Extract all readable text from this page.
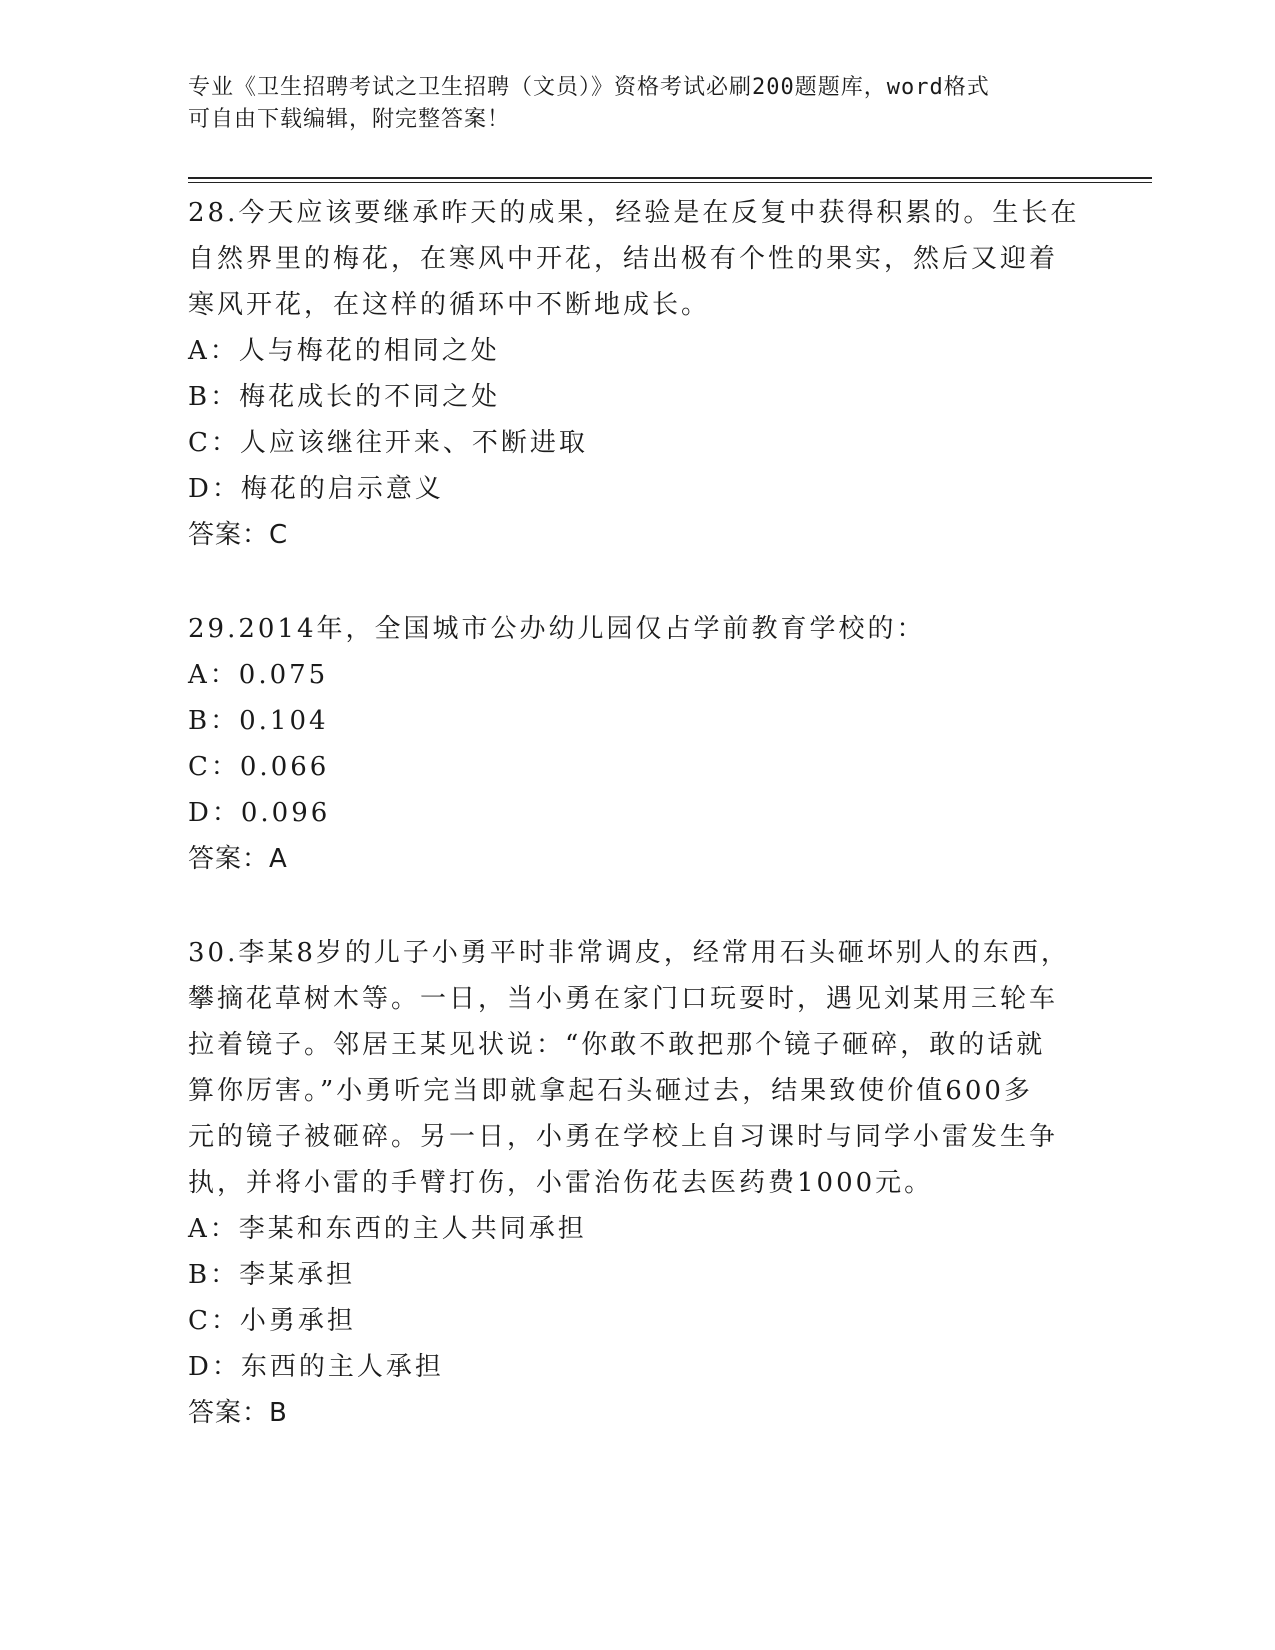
专业《卫生招聘考试之卫生招聘（文员）》资格考试必刷200题题库，word格式
可自由下载编辑，附完整答案！

28.今天应该要继承昨天的成果，经验是在反复中获得积累的。生长在

自然界里的梅花，在寒风中开花，结出极有个性的果实，然后又迎着

寒风开花，在这样的循环中不断地成长。

A：人与梅花的相同之处

B：梅花成长的不同之处

C：人应该继往开来、不断进取

D：梅花的启示意义

答案：C

29.2014年，全国城市公办幼儿园仅占学前教育学校的：

A：0.075

B：0.104

C：0.066

D：0.096

答案：A

30.李某8岁的儿子小勇平时非常调皮，经常用石头砸坏别人的东西，

攀摘花草树木等。一日，当小勇在家门口玩耍时，遇见刘某用三轮车

拉着镜子。邻居王某见状说：“你敢不敢把那个镜子砸碎，敢的话就

算你厉害。”小勇听完当即就拿起石头砸过去，结果致使价值600多

元的镜子被砸碎。另一日，小勇在学校上自习课时与同学小雷发生争

执，并将小雷的手臂打伤，小雷治伤花去医药费1000元。

A：李某和东西的主人共同承担

B：李某承担

C：小勇承担

D：东西的主人承担

答案：B
